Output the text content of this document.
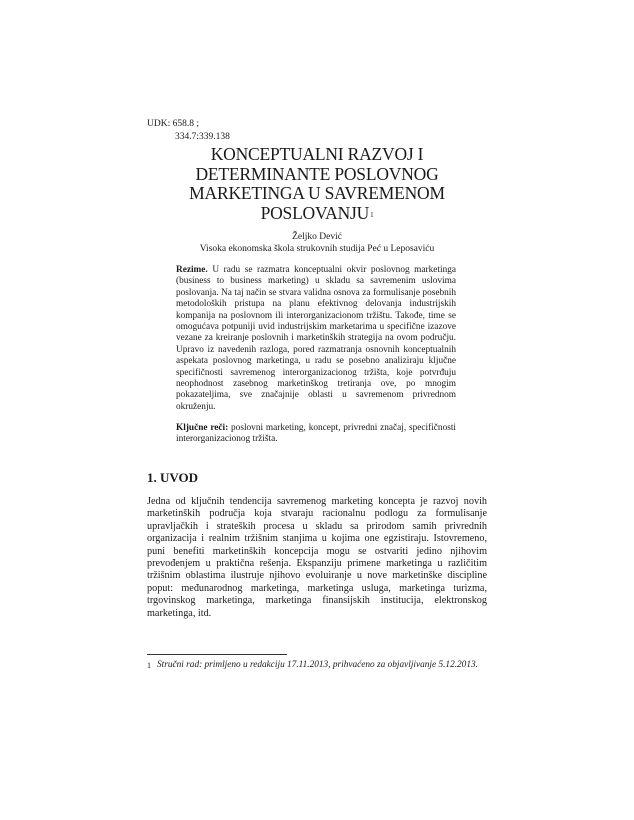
UDK: 658.8 ;
334.7:339.138
KONCEPTUALNI RAZVOJ I DETERMINANTE POSLOVNOG MARKETINGA U SAVREMENOM POSLOVANJU$^1$
Željko Dević
Visoka ekonomska škola strukovnih studija Peć u Leposaviću
Rezime. U radu se razmatra konceptualni okvir poslovnog marketinga (business to business marketing) u skladu sa savremenim uslovima poslovanja. Na taj način se stvara validna osnova za formulisanje posebnih metodoloških pristupa na planu efektivnog delovanja industrijskih kompanija na poslovnom ili interorganizacionom tržištu. Takođe, time se omogućava potpuniji uvid industrijskim marketarima u specifične izazove vezane za kreiranje poslovnih i marketinških strategija na ovom području. Upravo iz navedenih razloga, pored razmatranja osnovnih konceptualnih aspekata poslovnog marketinga, u radu se posebno analiziraju ključne specifičnosti savremenog interorganizacionog tržišta, koje potvrđuju neophodnost zasebnog marketinškog tretiranja ove, po mnogim pokazateljima, sve značajnije oblasti u savremenom privrednom okruženju.
Ključne reči: poslovni marketing, koncept, privredni značaj, specifičnosti interorganizacionog tržišta.
1. UVOD
Jedna od ključnih tendencija savremenog marketing koncepta je razvoj novih marketinških područja koja stvaraju racionalnu podlogu za formulisanje upravljačkih i strateških procesa u skladu sa prirodom samih privrednih organizacija i realnim tržišnim stanjima u kojima one egzistiraju. Istovremeno, puni benefiti marketinških koncepcija mogu se ostvariti jedino njihovim prevođenjem u praktična rešenja. Ekspanziju primene marketinga u različitim tržišnim oblastima ilustruje njihovo evoluiranje u nove marketinške discipline poput: međunarodnog marketinga, marketinga usluga, marketinga turizma, trgovinskog marketinga, marketinga finansijskih institucija, elektronskog marketinga, itd.
1 Stručni rad: primljeno u redakciju 17.11.2013, prihvaćeno za objavljivanje 5.12.2013.
